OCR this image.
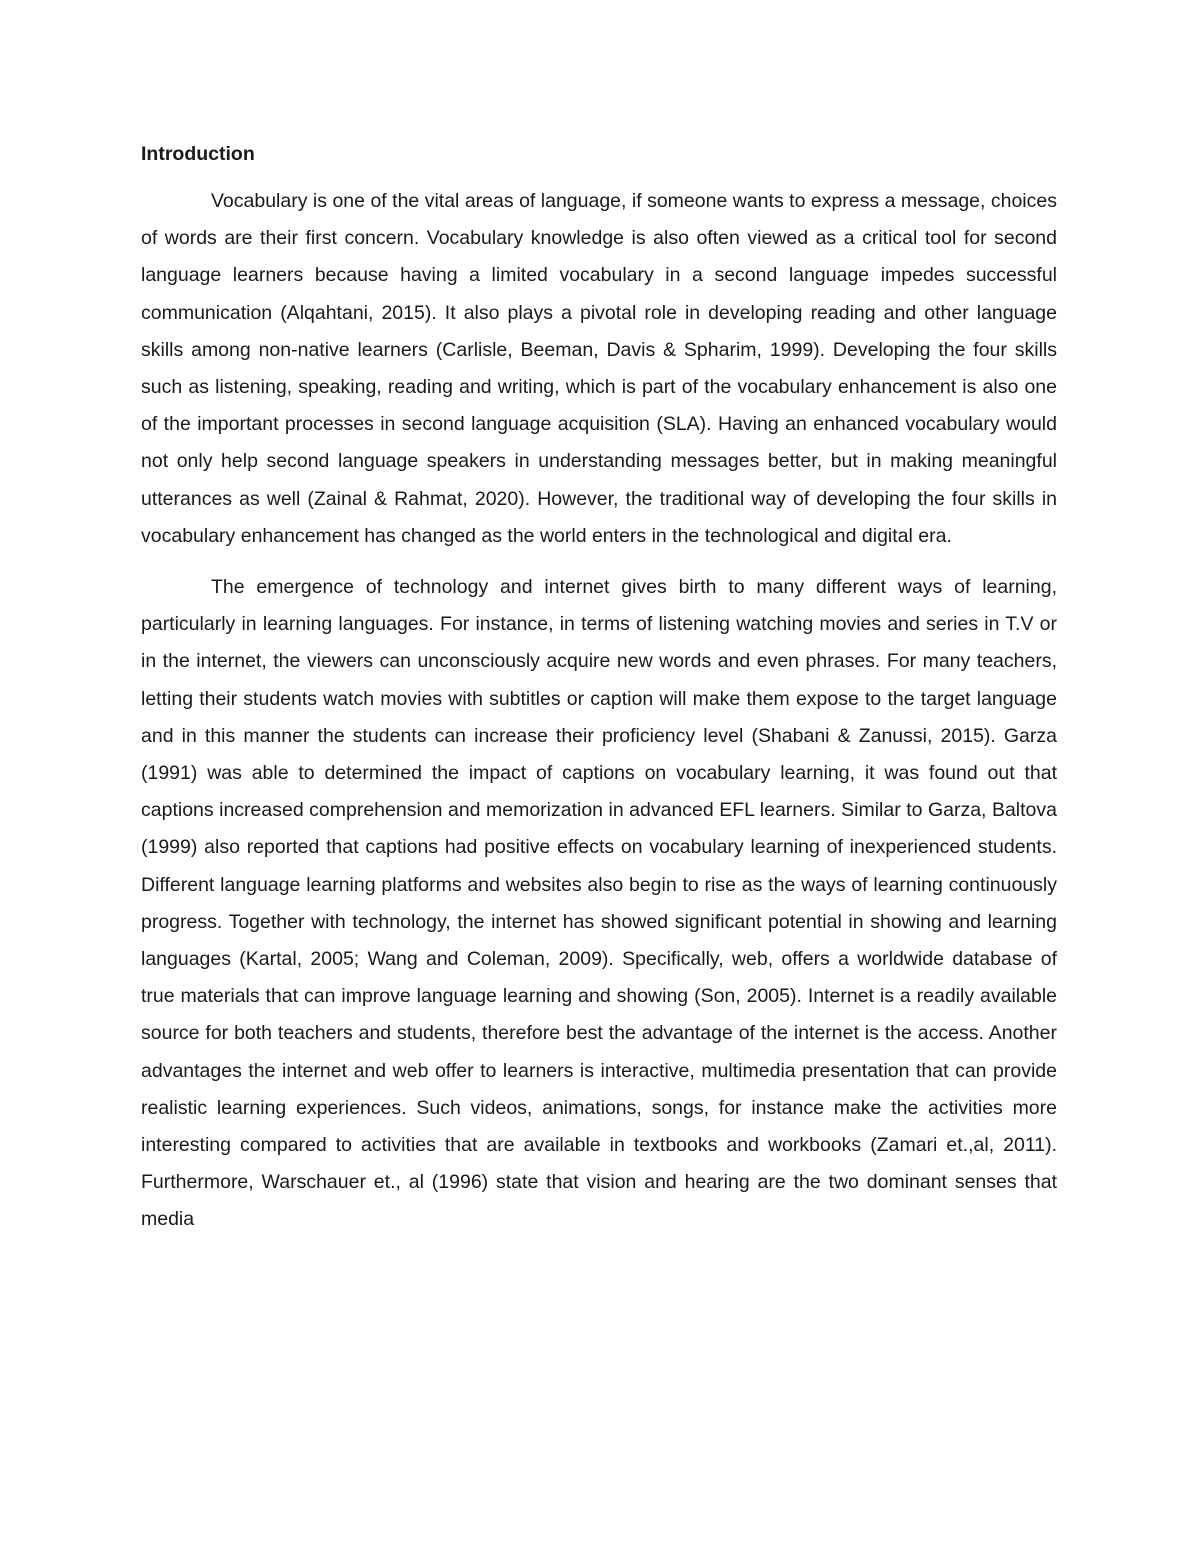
Introduction

Vocabulary is one of the vital areas of language, if someone wants to express a message, choices of words are their first concern. Vocabulary knowledge is also often viewed as a critical tool for second language learners because having a limited vocabulary in a second language impedes successful communication (Alqahtani, 2015). It also plays a pivotal role in developing reading and other language skills among non-native learners (Carlisle, Beeman, Davis & Spharim, 1999). Developing the four skills such as listening, speaking, reading and writing, which is part of the vocabulary enhancement is also one of the important processes in second language acquisition (SLA). Having an enhanced vocabulary would not only help second language speakers in understanding messages better, but in making meaningful utterances as well (Zainal & Rahmat, 2020). However, the traditional way of developing the four skills in vocabulary enhancement has changed as the world enters in the technological and digital era.

The emergence of technology and internet gives birth to many different ways of learning, particularly in learning languages. For instance, in terms of listening watching movies and series in T.V or in the internet, the viewers can unconsciously acquire new words and even phrases. For many teachers, letting their students watch movies with subtitles or caption will make them expose to the target language and in this manner the students can increase their proficiency level (Shabani & Zanussi, 2015). Garza (1991) was able to determined the impact of captions on vocabulary learning, it was found out that captions increased comprehension and memorization in advanced EFL learners. Similar to Garza, Baltova (1999) also reported that captions had positive effects on vocabulary learning of inexperienced students. Different language learning platforms and websites also begin to rise as the ways of learning continuously progress. Together with technology, the internet has showed significant potential in showing and learning languages (Kartal, 2005; Wang and Coleman, 2009). Specifically, web, offers a worldwide database of true materials that can improve language learning and showing (Son, 2005). Internet is a readily available source for both teachers and students, therefore best the advantage of the internet is the access. Another advantages the internet and web offer to learners is interactive, multimedia presentation that can provide realistic learning experiences. Such videos, animations, songs, for instance make the activities more interesting compared to activities that are available in textbooks and workbooks (Zamari et.,al, 2011). Furthermore, Warschauer et., al (1996) state that vision and hearing are the two dominant senses that media
